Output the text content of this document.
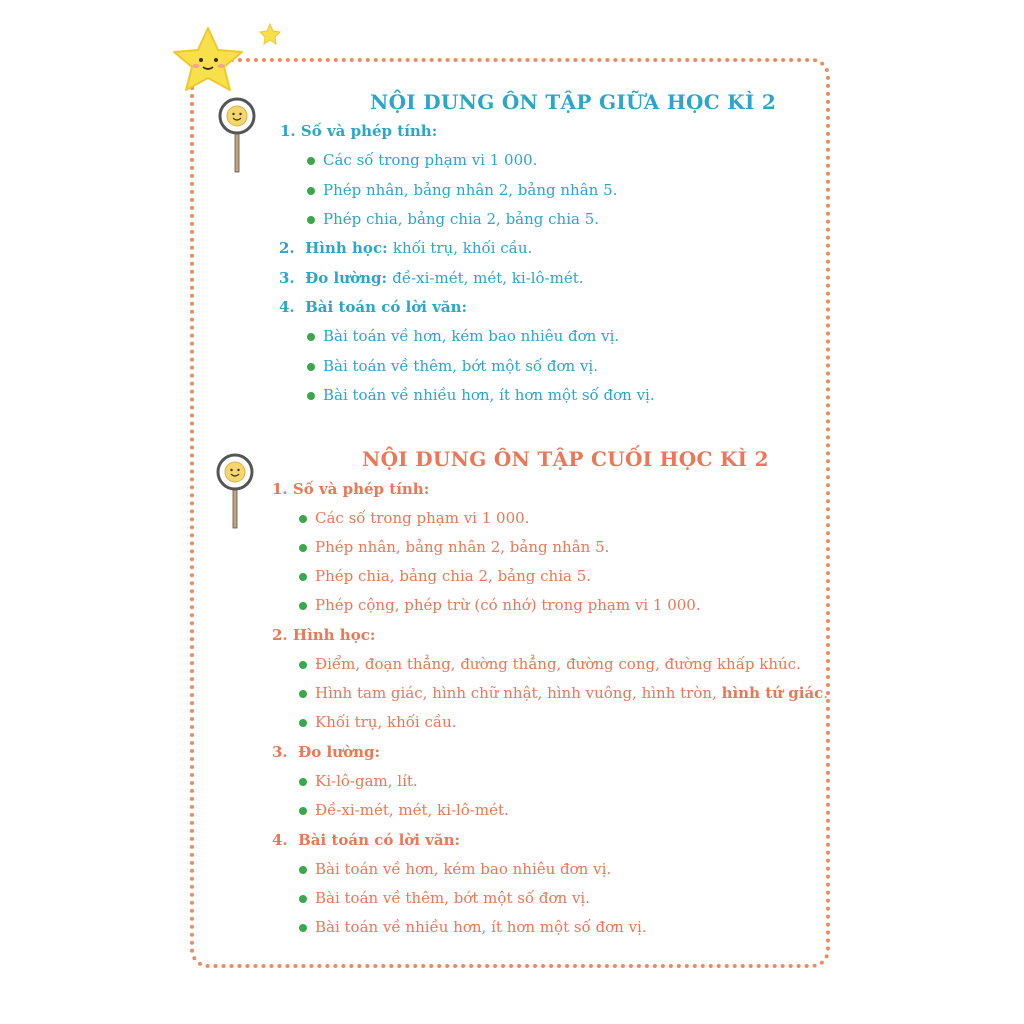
NỘI DUNG ÔN TẬP GIỮA HỌC KÌ 2
1. Số và phép tính:
Các số trong phạm vi 1 000.
Phép nhân, bảng nhân 2, bảng nhân 5.
Phép chia, bảng chia 2, bảng chia 5.
2. Hình học: khối trụ, khối cầu.
3. Đo lường: đề-xi-mét, mét, ki-lô-mét.
4. Bài toán có lời văn:
Bài toán về hơn, kém bao nhiêu đơn vị.
Bài toán về thêm, bớt một số đơn vị.
Bài toán về nhiều hơn, ít hơn một số đơn vị.
NỘI DUNG ÔN TẬP CUỐI HỌC KÌ 2
1. Số và phép tính:
Các số trong phạm vi 1 000.
Phép nhân, bảng nhân 2, bảng nhân 5.
Phép chia, bảng chia 2, bảng chia 5.
Phép cộng, phép trừ (có nhớ) trong phạm vi 1 000.
2. Hình học:
Điểm, đoạn thẳng, đường thẳng, đường cong, đường khấp khúc.
Hình tam giác, hình chữ nhật, hình vuông, hình tròn, hình tứ giác.
Khối trụ, khối cầu.
3. Đo lường:
Ki-lô-gam, lít.
Đề-xi-mét, mét, ki-lô-mét.
4. Bài toán có lời văn:
Bài toán về hơn, kém bao nhiêu đơn vị.
Bài toán về thêm, bớt một số đơn vị.
Bài toán về nhiều hơn, ít hơn một số đơn vị.
